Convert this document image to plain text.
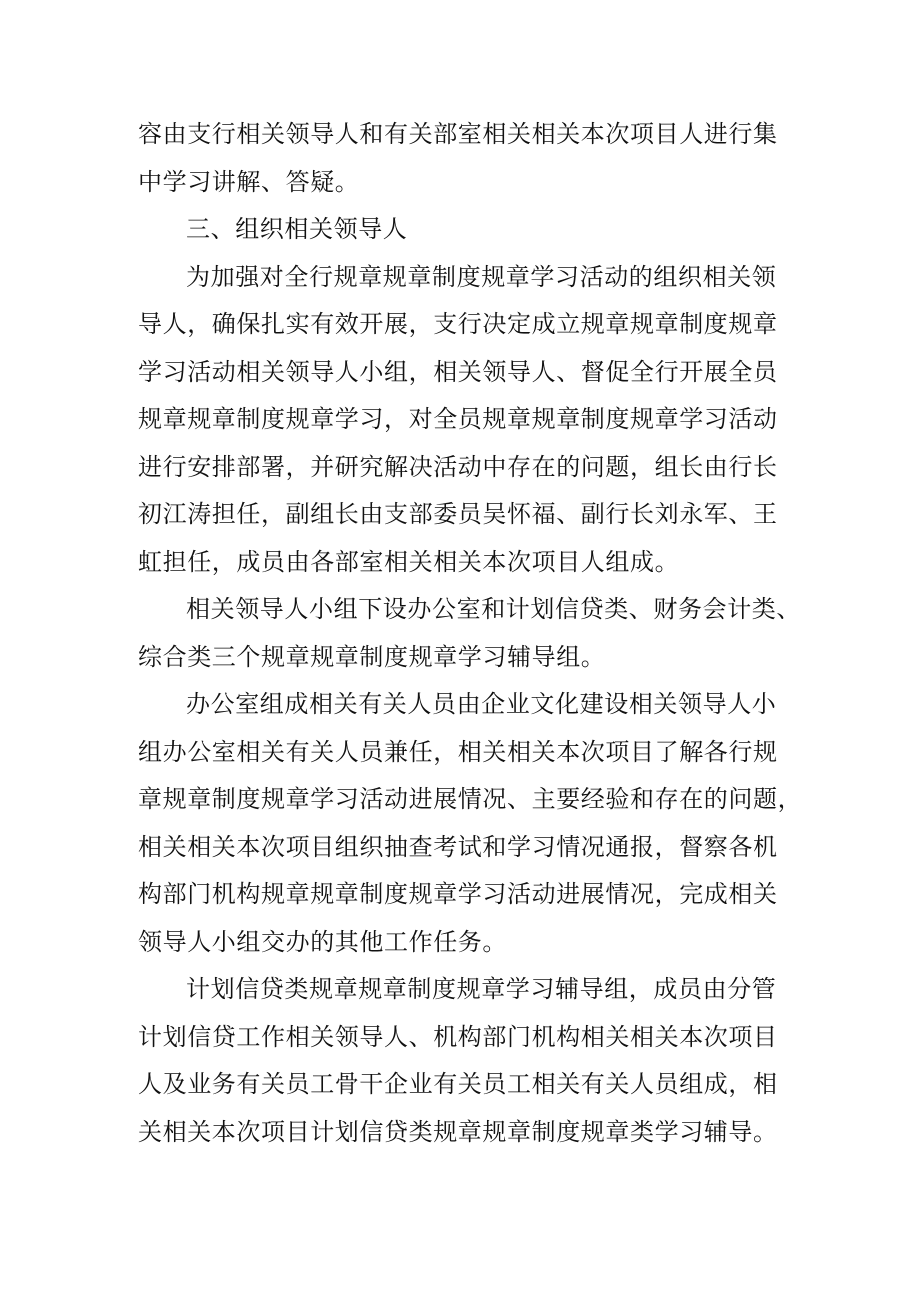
容由支行相关领导人和有关部室相关相关本次项目人进行集
中学习讲解、答疑。
三、组织相关领导人
为加强对全行规章规章制度规章学习活动的组织相关领
导人，确保扎实有效开展，支行决定成立规章规章制度规章
学习活动相关领导人小组，相关领导人、督促全行开展全员
规章规章制度规章学习，对全员规章规章制度规章学习活动
进行安排部署，并研究解决活动中存在的问题，组长由行长
初江涛担任，副组长由支部委员吴怀福、副行长刘永军、王
虹担任，成员由各部室相关相关本次项目人组成。
相关领导人小组下设办公室和计划信贷类、财务会计类、
综合类三个规章规章制度规章学习辅导组。
办公室组成相关有关人员由企业文化建设相关领导人小
组办公室相关有关人员兼任，相关相关本次项目了解各行规
章规章制度规章学习活动进展情况、主要经验和存在的问题，
相关相关本次项目组织抽查考试和学习情况通报，督察各机
构部门机构规章规章制度规章学习活动进展情况，完成相关
领导人小组交办的其他工作任务。
计划信贷类规章规章制度规章学习辅导组，成员由分管
计划信贷工作相关领导人、机构部门机构相关相关本次项目
人及业务有关员工骨干企业有关员工相关有关人员组成，相
关相关本次项目计划信贷类规章规章制度规章类学习辅导。
